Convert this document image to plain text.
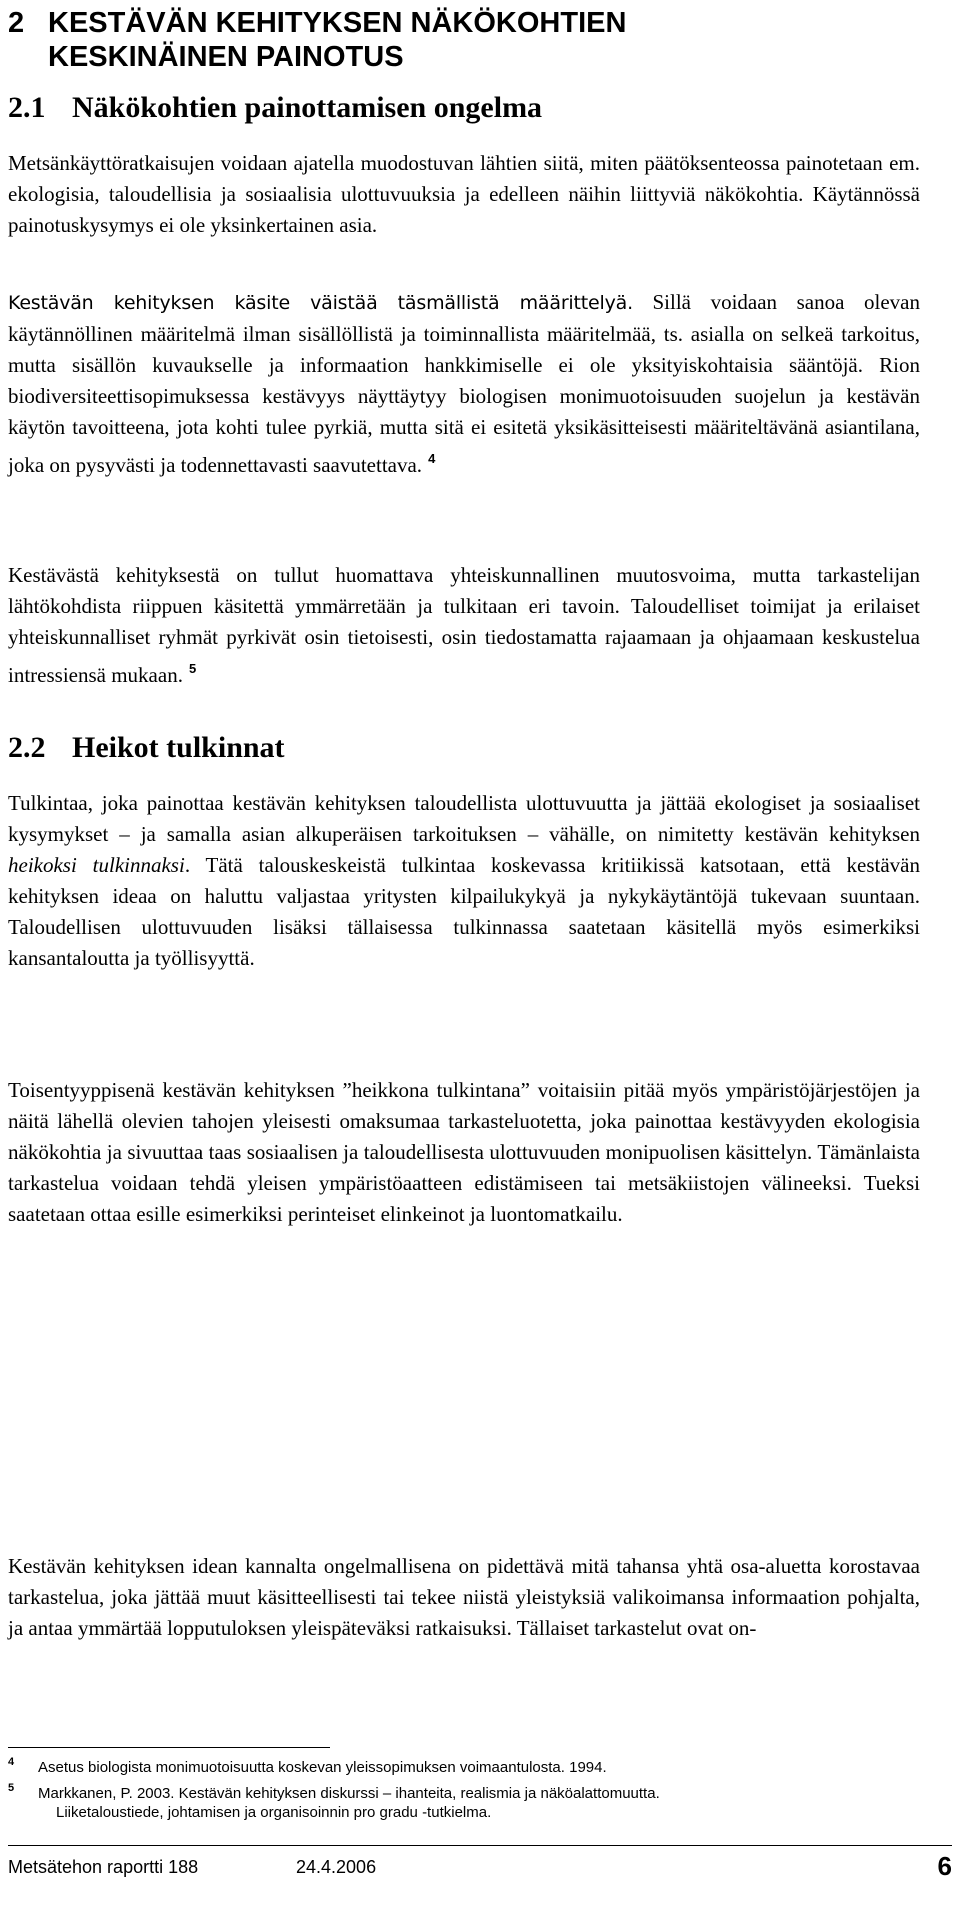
2 KESTÄVÄN KEHITYKSEN NÄKÖKOHTIEN
KESKINÄINEN PAINOTUS
2.1 Näkökohtien painottamisen ongelma

Metsänkäyttöratkaisujen voidaan ajatella muodostuvan lähtien siitä, miten päätöksenteossa painotetaan em. ekologisia, taloudellisia ja sosiaalisia ulottuvuuksia ja edelleen näihin liittyviä näkökohtia. Käytännössä painotuskysymys ei ole yksinkertainen asia.

Kestävän kehityksen käsite väistää täsmällistä määrittelyä. Sillä voidaan sanoa olevan käytännöllinen määritelmä ilman sisällöllistä ja toiminnallista määritelmää, ts. asialla on selkeä tarkoitus, mutta sisällön kuvaukselle ja informaation hankkimiselle ei ole yksityiskohtaisia sääntöjä. Rion biodiversiteettisopimuksessa kestävyys näyttäytyy biologisen monimuotoisuuden suojelun ja kestävän käytön tavoitteena, jota kohti tulee pyrkiä, mutta sitä ei esitetä yksikäsitteisesti määriteltävänä asiantilana, joka on pysyvästi ja todennettavasti saavutettava. $^4$

Kestävästä kehityksestä on tullut huomattava yhteiskunnallinen muutosvoima, mutta tarkastelijan lähtökohdista riippuen käsitettä ymmärretään ja tulkitaan eri tavoin. Taloudelliset toimijat ja erilaiset yhteiskunnalliset ryhmät pyrkivät osin tietoisesti, osin tiedostamatta rajaamaan ja ohjaamaan keskustelua intressiensä mukaan. $^5$

2.2 Heikot tulkinnat

Tulkintaa, joka painottaa kestävän kehityksen taloudellista ulottuvuutta ja jättää ekologiset ja sosiaaliset kysymykset – ja samalla asian alkuperäisen tarkoituksen – vähälle, on nimitetty kestävän kehityksen heikoksi tulkinnaksi. Tätä talouskeskeistä tulkintaa koskevassa kritiikissä katsotaan, että kestävän kehityksen ideaa on haluttu valjastaa yritysten kilpailukykyä ja nykykäytäntöjä tukevaan suuntaan. Taloudellisen ulottuvuuden lisäksi tällaisessa tulkinnassa saatetaan käsitellä myös esimerkiksi kansantaloutta ja työllisyyttä.

Toisentyyppisenä kestävän kehityksen ”heikkona tulkintana” voitaisiin pitää myös ympäristöjärjestöjen ja näitä lähellä olevien tahojen yleisesti omaksumaa tarkasteluotetta, joka painottaa kestävyyden ekologisia näkökohtia ja sivuuttaa taas sosiaalisen ja taloudellisesta ulottuvuuden monipuolisen käsittelyn. Tämänlaista tarkastelua voidaan tehdä yleisen ympäristöaatteen edistämiseen tai metsäkiistojen välineeksi. Tueksi saatetaan ottaa esille esimerkiksi perinteiset elinkeinot ja luontomatkailu.

Kestävän kehityksen idean kannalta ongelmallisena on pidettävä mitä tahansa yhtä osa-aluetta korostavaa tarkastelua, joka jättää muut käsitteellisesti tai tekee niistä yleistyksiä valikoimansa informaation pohjalta, ja antaa ymmärtää lopputuloksen yleispäteväksi ratkaisuksi. Tällaiset tarkastelut ovat on-

4	Asetus biologista monimuotoisuutta koskevan yleissopimuksen voimaantulosta. 1994.
5	Markkanen, P. 2003. Kestävän kehityksen diskurssi – ihanteita, realismia ja näköalattomuutta.
Liiketaloustiede, johtamisen ja organisoinnin pro gradu -tutkielma.
Metsätehon raportti 188	24.4.2006	6
